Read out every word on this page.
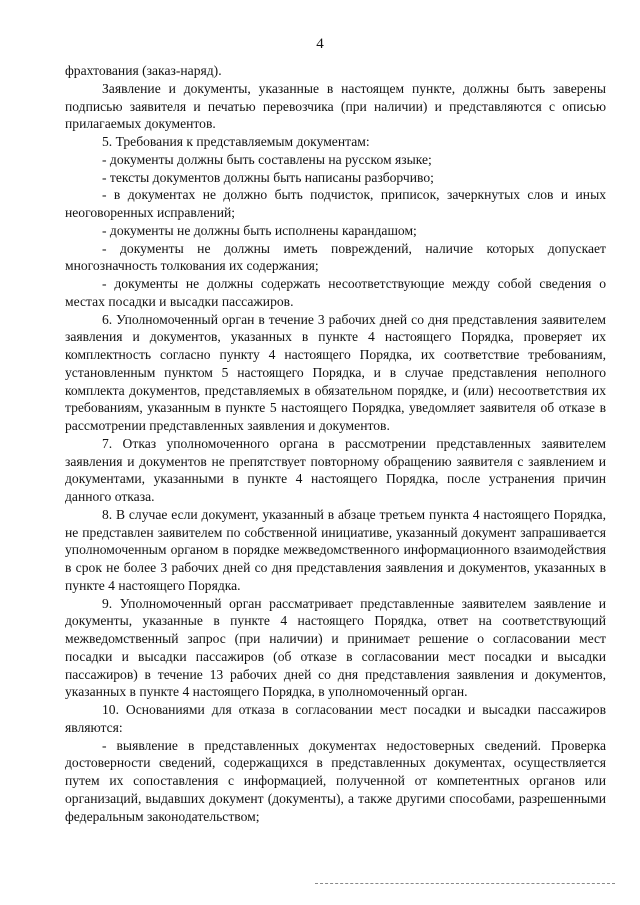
4

фрахтования (заказ-наряд).

Заявление и документы, указанные в настоящем пункте, должны быть заверены подписью заявителя и печатью перевозчика (при наличии) и представляются с описью прилагаемых документов.

5. Требования к представляемым документам:

- документы должны быть составлены на русском языке;

- тексты документов должны быть написаны разборчиво;

- в документах не должно быть подчисток, приписок, зачеркнутых слов и иных неоговоренных исправлений;

- документы не должны быть исполнены карандашом;

- документы не должны иметь повреждений, наличие которых допускает многозначность толкования их содержания;

- документы не должны содержать несоответствующие между собой сведения о местах посадки и высадки пассажиров.

6. Уполномоченный орган в течение 3 рабочих дней со дня представления заявителем заявления и документов, указанных в пункте 4 настоящего Порядка, проверяет их комплектность согласно пункту 4 настоящего Порядка, их соответствие требованиям, установленным пунктом 5 настоящего Порядка, и в случае представления неполного комплекта документов, представляемых в обязательном порядке, и (или) несоответствия их требованиям, указанным в пункте 5 настоящего Порядка, уведомляет заявителя об отказе в рассмотрении представленных заявления и документов.

7. Отказ уполномоченного органа в рассмотрении представленных заявителем заявления и документов не препятствует повторному обращению заявителя с заявлением и документами, указанными в пункте 4 настоящего Порядка, после устранения причин данного отказа.

8. В случае если документ, указанный в абзаце третьем пункта 4 настоящего Порядка, не представлен заявителем по собственной инициативе, указанный документ запрашивается уполномоченным органом в порядке межведомственного информационного взаимодействия в срок не более 3 рабочих дней со дня представления заявления и документов, указанных в пункте 4 настоящего Порядка.

9. Уполномоченный орган рассматривает представленные заявителем заявление и документы, указанные в пункте 4 настоящего Порядка, ответ на соответствующий межведомственный запрос (при наличии) и принимает решение о согласовании мест посадки и высадки пассажиров (об отказе в согласовании мест посадки и высадки пассажиров) в течение 13 рабочих дней со дня представления заявления и документов, указанных в пункте 4 настоящего Порядка, в уполномоченный орган.

10. Основаниями для отказа в согласовании мест посадки и высадки пассажиров являются:

- выявление в представленных документах недостоверных сведений. Проверка достоверности сведений, содержащихся в представленных документах, осуществляется путем их сопоставления с информацией, полученной от компетентных органов или организаций, выдавших документ (документы), а также другими способами, разрешенными федеральным законодательством;
